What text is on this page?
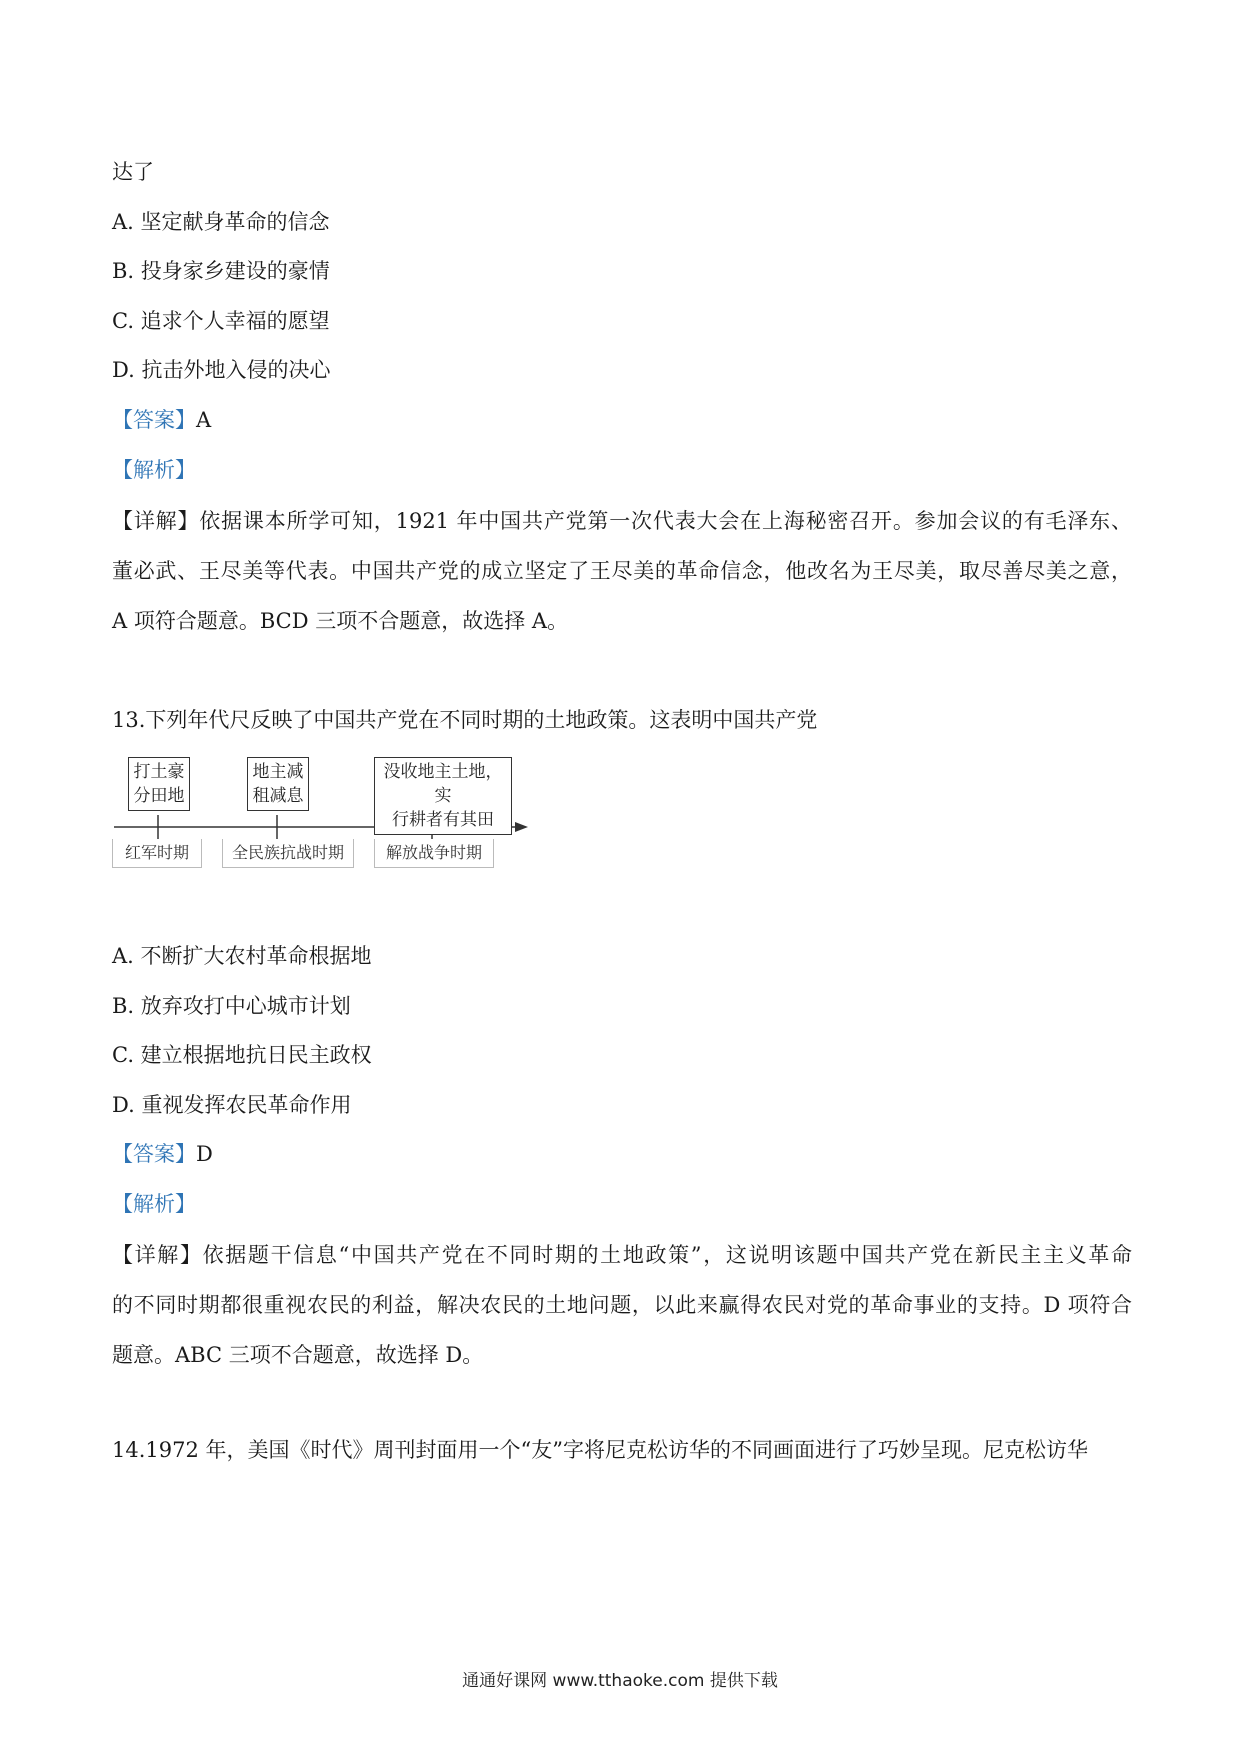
达了
A. 坚定献身革命的信念
B. 投身家乡建设的豪情
C. 追求个人幸福的愿望
D. 抗击外地入侵的决心
【答案】A
【解析】
【详解】依据课本所学可知，1921 年中国共产党第一次代表大会在上海秘密召开。参加会议的有毛泽东、
董必武、王尽美等代表。中国共产党的成立坚定了王尽美的革命信念，他改名为王尽美，取尽善尽美之意，
A 项符合题意。BCD 三项不合题意，故选择 A。
13.下列年代尺反映了中国共产党在不同时期的土地政策。这表明中国共产党
打土豪
分田地
地主减
租减息
没收地主土地，实
行耕者有其田
红军时期	全民族抗战时期	解放战争时期
A. 不断扩大农村革命根据地
B. 放弃攻打中心城市计划
C. 建立根据地抗日民主政权
D. 重视发挥农民革命作用
【答案】D
【解析】
【详解】依据题干信息“中国共产党在不同时期的土地政策”，这说明该题中国共产党在新民主主义革命
的不同时期都很重视农民的利益，解决农民的土地问题，以此来赢得农民对党的革命事业的支持。D 项符合
题意。ABC 三项不合题意，故选择 D。
14.1972 年，美国《时代》周刊封面用一个“友”字将尼克松访华的不同画面进行了巧妙呈现。尼克松访华
通通好课网 www.tthaoke.com 提供下载
